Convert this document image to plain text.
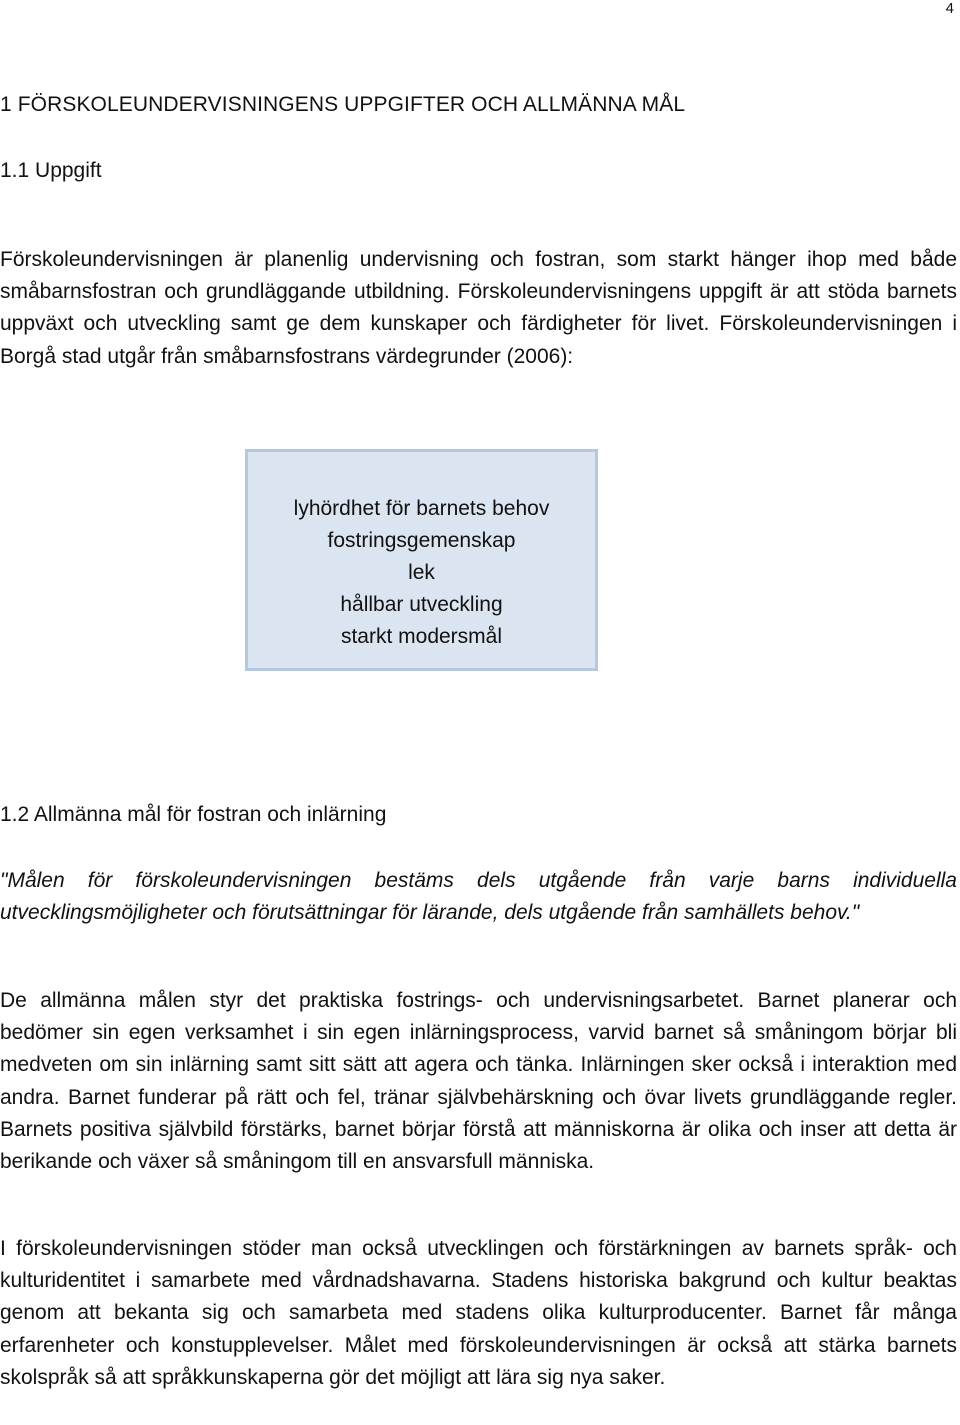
4
1 FÖRSKOLEUNDERVISNINGENS UPPGIFTER OCH ALLMÄNNA MÅL
1.1 Uppgift

Förskoleundervisningen är planenlig undervisning och fostran, som starkt hänger ihop med både småbarnsfostran och grundläggande utbildning. Förskoleundervisningens uppgift är att stöda barnets uppväxt och utveckling samt ge dem kunskaper och färdigheter för livet. Förskoleundervisningen i Borgå stad utgår från småbarnsfostrans värdegrunder (2006):

lyhördhet för barnets behov
fostringsgemenskap
lek
hållbar utveckling
starkt modersmål
1.2 Allmänna mål för fostran och inlärning

"Målen för förskoleundervisningen bestäms dels utgående från varje barns individuella utvecklingsmöjligheter och förutsättningar för lärande, dels utgående från samhällets behov."

De allmänna målen styr det praktiska fostrings- och undervisningsarbetet. Barnet planerar och bedömer sin egen verksamhet i sin egen inlärningsprocess, varvid barnet så småningom börjar bli medveten om sin inlärning samt sitt sätt att agera och tänka. Inlärningen sker också i interaktion med andra. Barnet funderar på rätt och fel, tränar självbehärskning och övar livets grundläggande regler. Barnets positiva självbild förstärks, barnet börjar förstå att människorna är olika och inser att detta är berikande och växer så småningom till en ansvarsfull människa.

I förskoleundervisningen stöder man också utvecklingen och förstärkningen av barnets språk- och kulturidentitet i samarbete med vårdnadshavarna. Stadens historiska bakgrund och kultur beaktas genom att bekanta sig och samarbeta med stadens olika kulturproducenter. Barnet får många erfarenheter och konstupplevelser. Målet med förskoleundervisningen är också att stärka barnets skolspråk så att språkkunskaperna gör det möjligt att lära sig nya saker.
